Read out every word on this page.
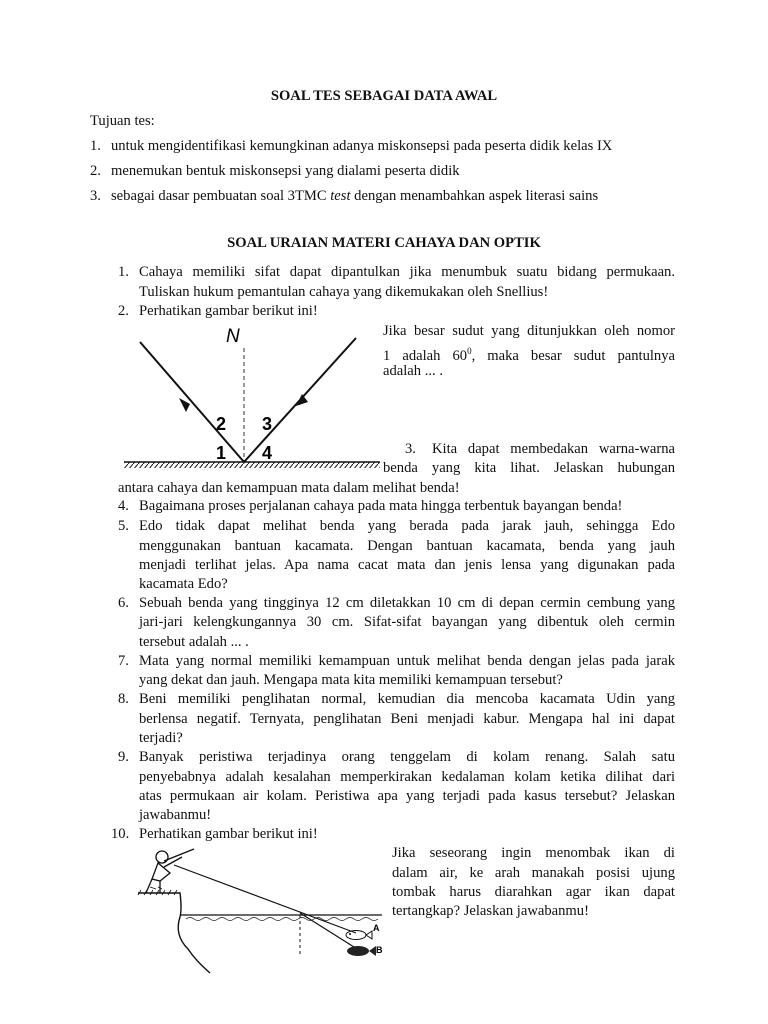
SOAL TES SEBAGAI DATA AWAL
Tujuan tes:
1. untuk mengidentifikasi kemungkinan adanya miskonsepsi pada peserta didik kelas IX
2. menemukan bentuk miskonsepsi yang dialami peserta didik
3. sebagai dasar pembuatan soal 3TMC test dengan menambahkan aspek literasi sains
SOAL URAIAN MATERI CAHAYA DAN OPTIK
1. Cahaya memiliki sifat dapat dipantulkan jika menumbuk suatu bidang permukaan.
Tuliskan hukum pemantulan cahaya yang dikemukakan oleh Snellius!
2. Perhatikan gambar berikut ini!
Jika besar sudut yang ditunjukkan oleh nomor
1 adalah $60^0$, maka besar sudut pantulnya
adalah ... .
N
2 3
1 4	3. Kita dapat membedakan warna-warna
benda yang kita lihat. Jelaskan hubungan
antara cahaya dan kemampuan mata dalam melihat benda!
4. Bagaimana proses perjalanan cahaya pada mata hingga terbentuk bayangan benda!
5. Edo tidak dapat melihat benda yang berada pada jarak jauh, sehingga Edo
menggunakan bantuan kacamata. Dengan bantuan kacamata, benda yang jauh
menjadi terlihat jelas. Apa nama cacat mata dan jenis lensa yang digunakan pada
kacamata Edo?
6. Sebuah benda yang tingginya 12 cm diletakkan 10 cm di depan cermin cembung yang
jari-jari kelengkungannya 30 cm. Sifat-sifat bayangan yang dibentuk oleh cermin
tersebut adalah ... .
7. Mata yang normal memiliki kemampuan untuk melihat benda dengan jelas pada jarak
yang dekat dan jauh. Mengapa mata kita memiliki kemampuan tersebut?
8. Beni memiliki penglihatan normal, kemudian dia mencoba kacamata Udin yang
berlensa negatif. Ternyata, penglihatan Beni menjadi kabur. Mengapa hal ini dapat
terjadi?
9. Banyak peristiwa terjadinya orang tenggelam di kolam renang. Salah satu
penyebabnya adalah kesalahan memperkirakan kedalaman kolam ketika dilihat dari
atas permukaan air kolam. Peristiwa apa yang terjadi pada kasus tersebut? Jelaskan
jawabanmu!
10. Perhatikan gambar berikut ini!
Jika seseorang ingin menombak ikan di
dalam air, ke arah manakah posisi ujung
tombak harus diarahkan agar ikan dapat
tertangkap? Jelaskan jawabanmu!
A
B
